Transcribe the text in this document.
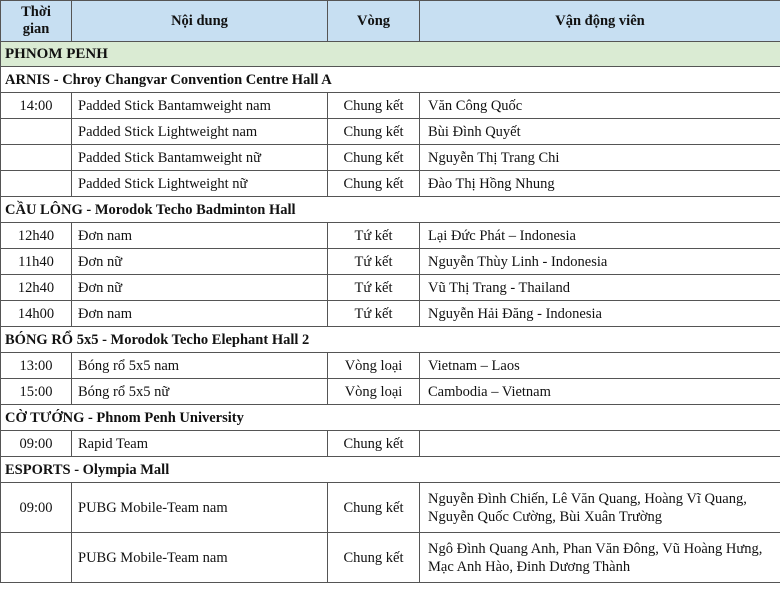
Thời gian	Nội dung	Vòng	Vận động viên
PHNOM PENH			
ARNIS - Chroy Changvar Convention Centre Hall A			
14:00	Padded Stick Bantamweight nam	Chung kết	Văn Công Quốc
	Padded Stick Lightweight nam	Chung kết	Bùi Đình Quyết
	Padded Stick Bantamweight nữ	Chung kết	Nguyễn Thị Trang Chi
	Padded Stick Lightweight nữ	Chung kết	Đào Thị Hồng Nhung
CẦU LÔNG - Morodok Techo Badminton Hall			
12h40	Đơn nam	Tứ kết	Lại Đức Phát – Indonesia
11h40	Đơn nữ	Tứ kết	Nguyễn Thùy Linh - Indonesia
12h40	Đơn nữ	Tứ kết	Vũ Thị Trang - Thailand
14h00	Đơn nam	Tứ kết	Nguyễn Hải Đăng - Indonesia
BÓNG RỔ 5x5 - Morodok Techo Elephant Hall 2			
13:00	Bóng rổ 5x5 nam	Vòng loại	Vietnam – Laos
15:00	Bóng rổ 5x5 nữ	Vòng loại	Cambodia – Vietnam
CỜ TƯỚNG - Phnom Penh University			
09:00	Rapid Team	Chung kết	
ESPORTS - Olympia Mall			
09:00	PUBG Mobile-Team nam	Chung kết	Nguyễn Đình Chiến, Lê Văn Quang, Hoàng Vĩ Quang, Nguyễn Quốc Cường, Bùi Xuân Trường
	PUBG Mobile-Team nam	Chung kết	Ngô Đình Quang Anh, Phan Văn Đông, Vũ Hoàng Hưng, Mạc Anh Hào, Đinh Dương Thành
